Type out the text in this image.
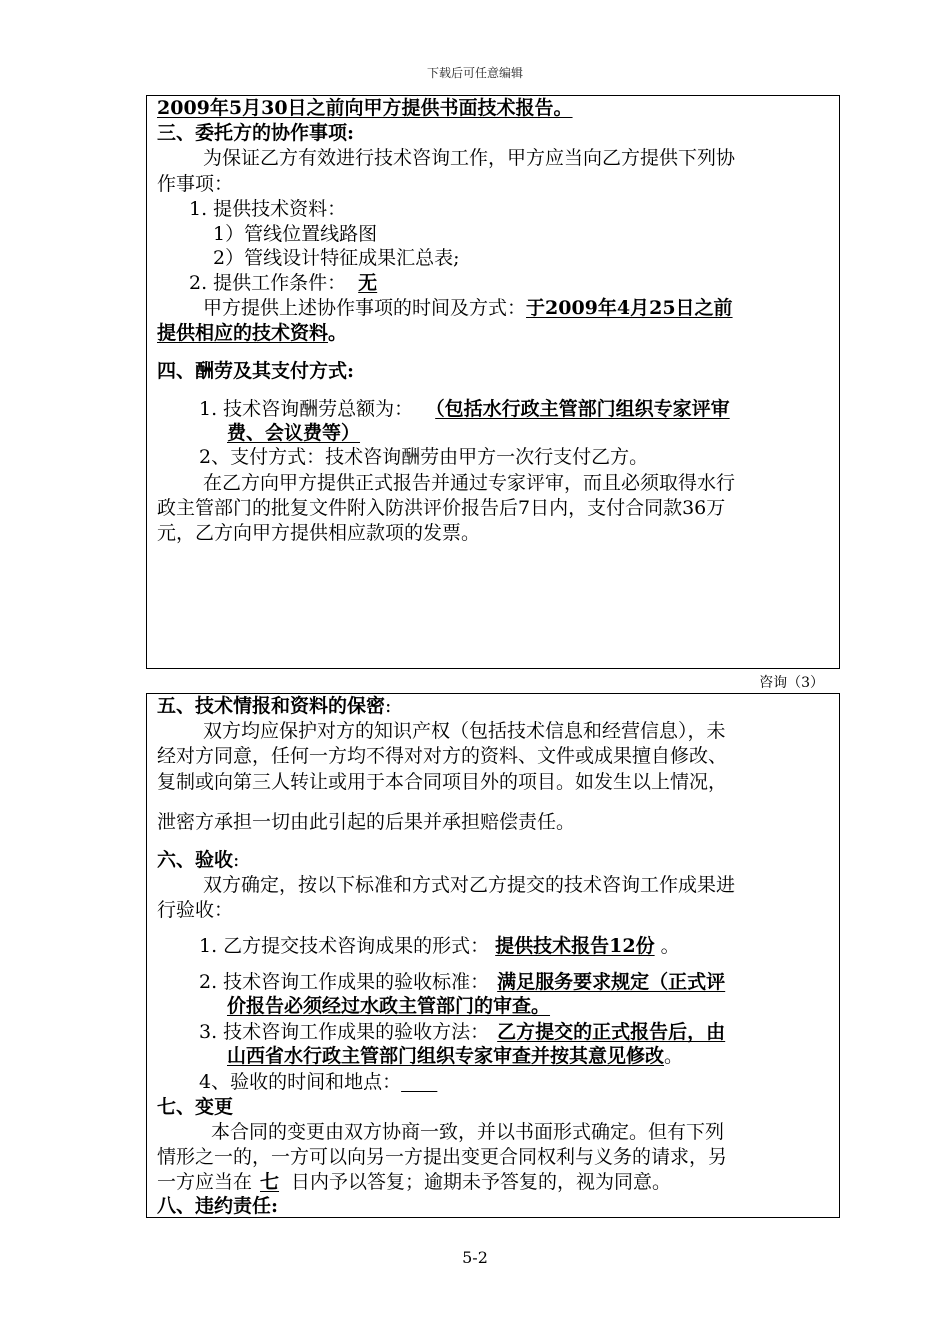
下载后可任意编辑
2009年5月30日之前向甲方提供书面技术报告。
三、委托方的协作事项:
为保证乙方有效进行技术咨询工作，甲方应当向乙方提供下列协
作事项：
1. 提供技术资料：
1）管线位置线路图
2）管线设计特征成果汇总表;
2. 提供工作条件： 无
甲方提供上述协作事项的时间及方式：于2009年4月25日之前
提供相应的技术资料。
四、酬劳及其支付方式:
1. 技术咨询酬劳总额为： （包括水行政主管部门组织专家评审
费、会议费等）
2、支付方式：技术咨询酬劳由甲方一次行支付乙方。
在乙方向甲方提供正式报告并通过专家评审，而且必须取得水行
政主管部门的批复文件附入防洪评价报告后7日内，支付合同款36万
元，乙方向甲方提供相应款项的发票。
咨询（3）
五、技术情报和资料的保密:
双方均应保护对方的知识产权（包括技术信息和经营信息），未
经对方同意，任何一方均不得对对方的资料、文件或成果擅自修改、
复制或向第三人转让或用于本合同项目外的项目。如发生以上情况，
泄密方承担一切由此引起的后果并承担赔偿责任。
六、验收:
双方确定，按以下标准和方式对乙方提交的技术咨询工作成果进
行验收：
1. 乙方提交技术咨询成果的形式： 提供技术报告12份 。
2. 技术咨询工作成果的验收标准： 满足服务要求规定（正式评
价报告必须经过水政主管部门的审查。
3. 技术咨询工作成果的验收方法： 乙方提交的正式报告后，由
山西省水行政主管部门组织专家审查并按其意见修改。
4、验收的时间和地点：
七、变更
本合同的变更由双方协商一致，并以书面形式确定。但有下列
情形之一的，一方可以向另一方提出变更合同权利与义务的请求，另
一方应当在 七 日内予以答复；逾期未予答复的，视为同意。
八、违约责任:
5-2
